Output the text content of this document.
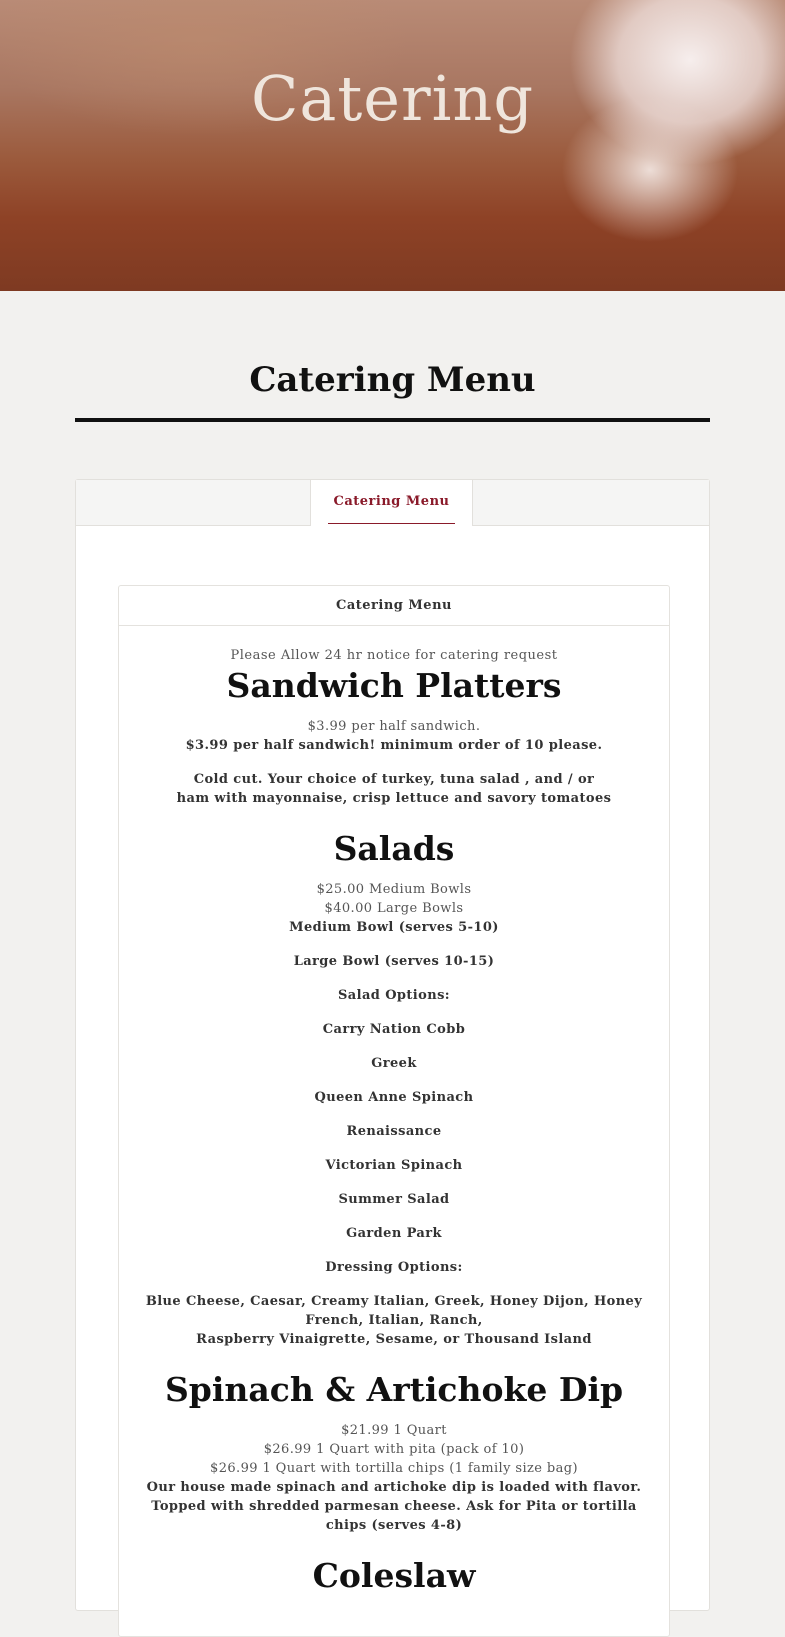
Catering
Catering Menu
Catering Menu
Catering Menu

Please Allow 24 hr notice for catering request

Sandwich Platters

$3.99 per half sandwich.

$3.99 per half sandwich! minimum order of 10 please.

Cold cut. Your choice of turkey, tuna salad , and / or ham with mayonnaise, crisp lettuce and savory tomatoes

Salads

$25.00 Medium Bowls

$40.00 Large Bowls

Medium Bowl (serves 5-10)

Large Bowl (serves 10-15)

Salad Options:

Carry Nation Cobb

Greek

Queen Anne Spinach

Renaissance

Victorian Spinach

Summer Salad

Garden Park

Dressing Options:

Blue Cheese, Caesar, Creamy Italian, Greek, Honey Dijon, Honey French, Italian, Ranch,

Raspberry Vinaigrette, Sesame, or Thousand Island

Spinach & Artichoke Dip

$21.99 1 Quart

$26.99 1 Quart with pita (pack of 10)

$26.99 1 Quart with tortilla chips (1 family size bag)

Our house made spinach and artichoke dip is loaded with flavor. Topped with shredded parmesan cheese. Ask for Pita or tortilla chips (serves 4-8)

Coleslaw
